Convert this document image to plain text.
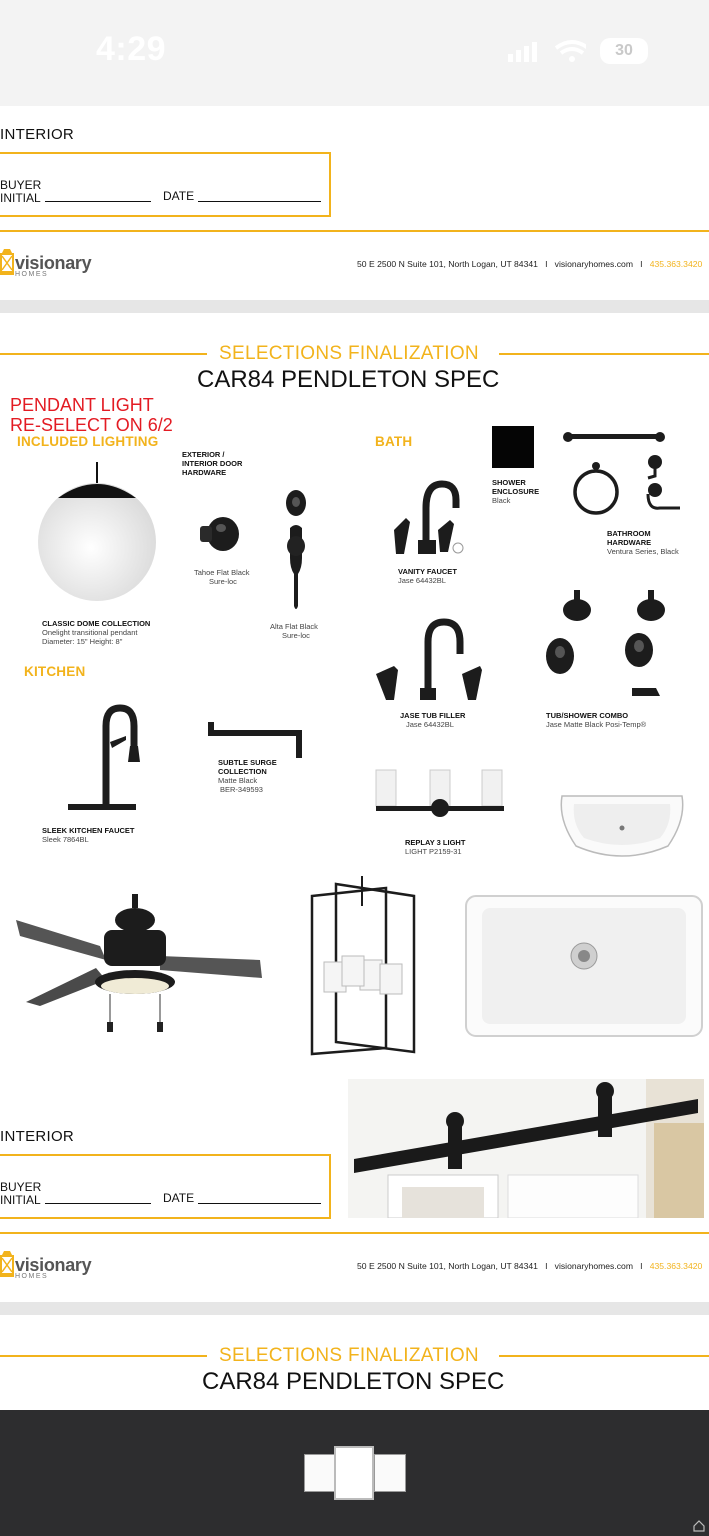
4:29	30
INTERIOR
BUYER
INITIAL	DATE
visionary
HOMES
50 E 2500 N Suite 101, North Logan, UT 84341 I visionaryhomes.com I 435.363.3420
SELECTIONS FINALIZATION
CAR84 PENDLETON SPEC
PENDANT LIGHT
RE-SELECT ON 6/2
INCLUDED LIGHTING
CLASSIC DOME COLLECTION
Onelight transitional pendant
Diameter: 15" Height: 8"
EXTERIOR /
INTERIOR DOOR
HARDWARE
Tahoe Flat Black
Sure-loc
Alta Flat Black
Sure-loc
BATH
SHOWER
ENCLOSURE
Black
BATHROOM
HARDWARE
Ventura Series, Black
VANITY FAUCET
Jase 64432BL
JASE TUB FILLER
Jase 64432BL
TUB/SHOWER COMBO
Jase Matte Black Posi-Temp®
KITCHEN
SLEEK KITCHEN FAUCET
Sleek 7864BL
SUBTLE SURGE
COLLECTION
Matte Black
BER-349593
REPLAY 3 LIGHT
LIGHT P2159-31
INTERIOR
BUYER
INITIAL	DATE
visionary
HOMES
50 E 2500 N Suite 101, North Logan, UT 84341 I visionaryhomes.com I 435.363.3420
SELECTIONS FINALIZATION
CAR84 PENDLETON SPEC
